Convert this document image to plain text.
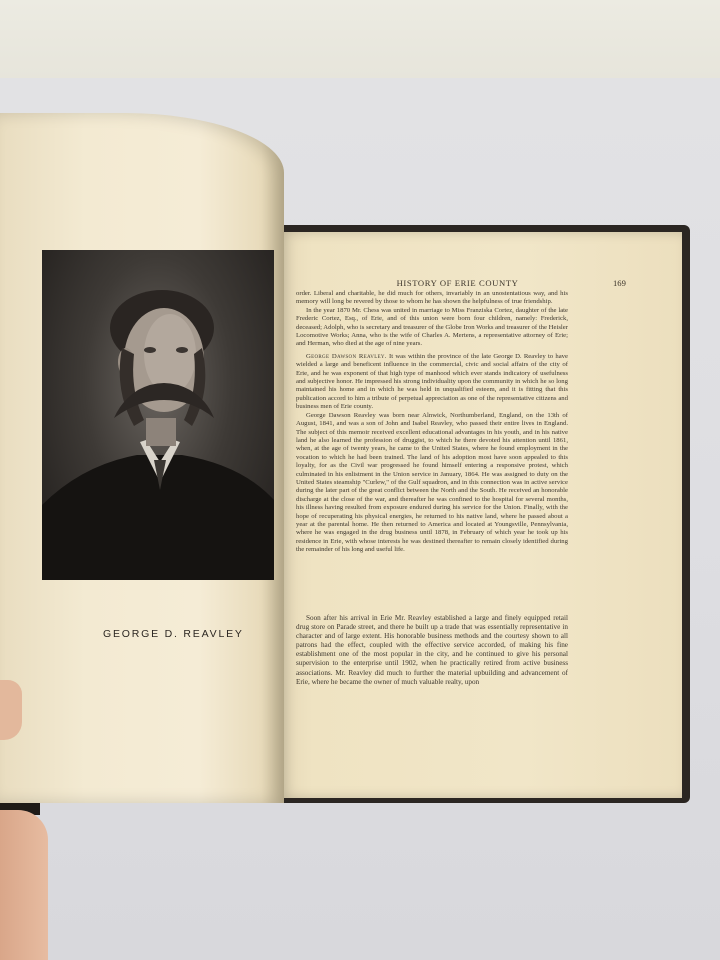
HISTORY OF ERIE COUNTY	169

order. Liberal and charitable, he did much for others, invariably in an unostentatious way, and his memory will long be revered by those to whom he has shown the helpfulness of true friendship.

In the year 1870 Mr. Chess was united in marriage to Miss Franziska Cortez, daughter of the late Frederic Cortez, Esq., of Erie, and of this union were born four children, namely: Frederick, deceased; Adolph, who is secretary and treasurer of the Globe Iron Works and treasurer of the Heisler Locomotive Works; Anna, who is the wife of Charles A. Mertens, a representative attorney of Erie; and Herman, who died at the age of nine years.

George Dawson Reavley. It was within the province of the late George D. Reavley to have wielded a large and beneficent influence in the commercial, civic and social affairs of the city of Erie, and he was exponent of that high type of manhood which ever stands indicatory of usefulness and subjective honor. He impressed his strong individuality upon the community in which he so long maintained his home and in which he was held in unqualified esteem, and it is fitting that this publication accord to him a tribute of perpetual appreciation as one of the representative citizens and business men of Erie county.

George Dawson Reavley was born near Alnwick, Northumberland, England, on the 13th of August, 1841, and was a son of John and Isabel Reavley, who passed their entire lives in England. The subject of this memoir received excellent educational advantages in his youth, and in his native land he also learned the profession of druggist, to which he there devoted his attention until 1861, when, at the age of twenty years, he came to the United States, where he found employment in the vocation to which he had been trained. The land of his adoption most have soon appealed to this loyalty, for as the Civil war progressed he found himself entering a responsive protest, which culminated in his enlistment in the Union service in January, 1864. He was assigned to duty on the United States steamship "Curlew," of the Gulf squadron, and in this connection was in active service during the later part of the great conflict between the North and the South. He received an honorable discharge at the close of the war, and thereafter he was confined to the hospital for several months, his illness having resulted from exposure endured during his service for the Union. Finally, with the hope of recuperating his physical energies, he returned to his native land, where he passed about a year at the parental home. He then returned to America and located at Youngsville, Pennsylvania, where he was engaged in the drug business until 1878, in February of which year he took up his residence in Erie, with whose interests he was destined thereafter to remain closely identified during the remainder of his long and useful life.

Soon after his arrival in Erie Mr. Reavley established a large and finely equipped retail drug store on Parade street, and there he built up a trade that was essentially representative in character and of large extent. His honorable business methods and the courtesy shown to all patrons had the effect, coupled with the effective service accorded, of making his fine establishment one of the most popular in the city, and he continued to give his personal supervision to the enterprise until 1902, when he practically retired from active business associations. Mr. Reavley did much to further the material upbuilding and advancement of Erie, where he became the owner of much valuable realty, upon

GEORGE D. REAVLEY
